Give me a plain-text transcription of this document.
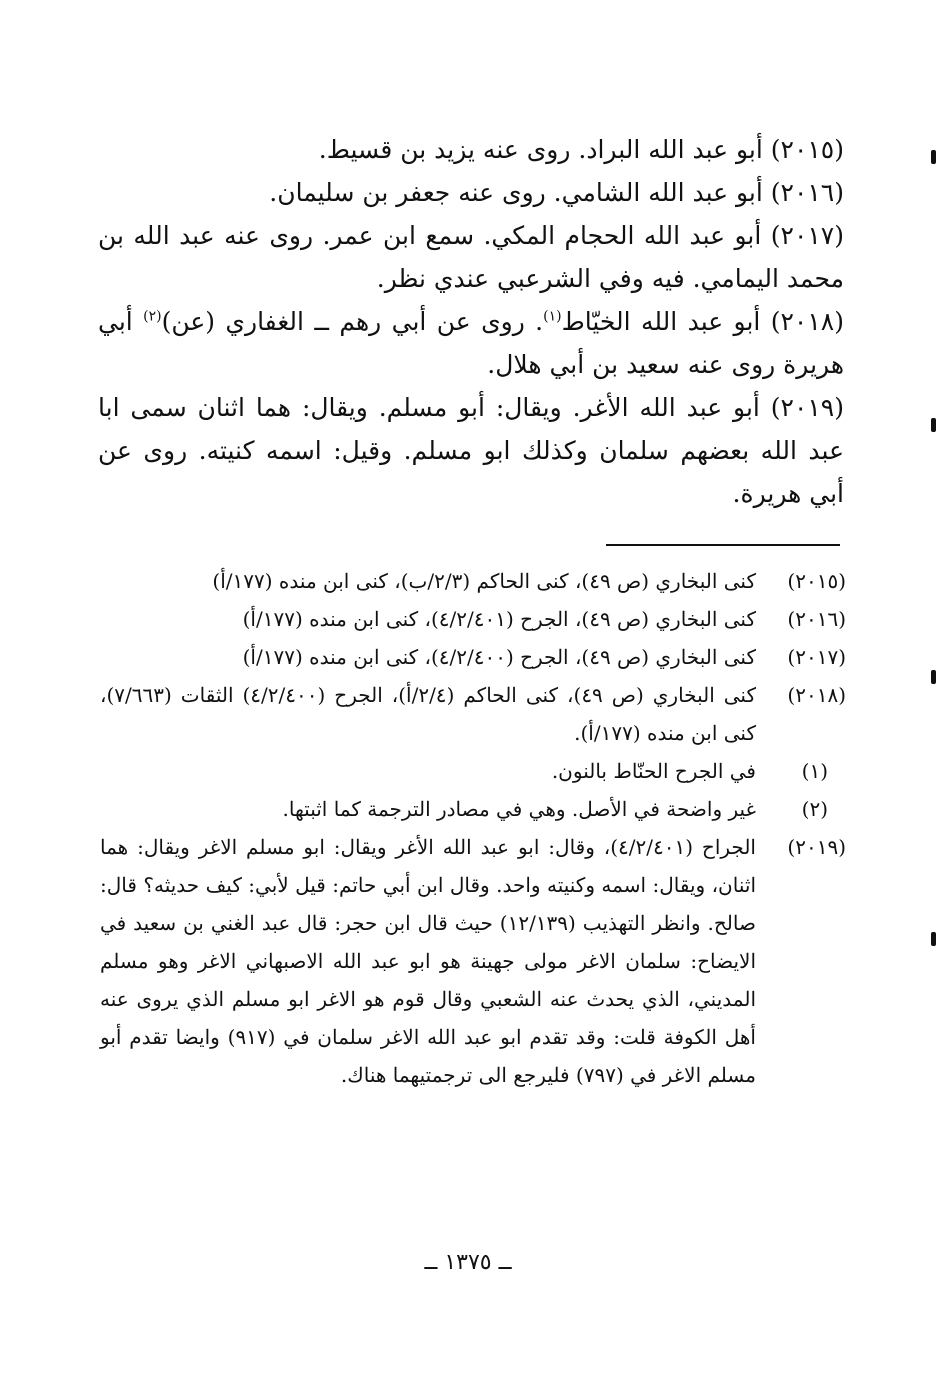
(٢٠١٥) أبو عبد الله البراد. روى عنه يزيد بن قسيط.

(٢٠١٦) أبو عبد الله الشامي. روى عنه جعفر بن سليمان.

(٢٠١٧) أبو عبد الله الحجام المكي. سمع ابن عمر. روى عنه عبد الله بن محمد اليمامي. فيه وفي الشرعبي عندي نظر.

(٢٠١٨) أبو عبد الله الخيّاط$^{(١)}$. روى عن أبي رهم ــ الغفاري (عن)$^{(٢)}$ أبي هريرة روى عنه سعيد بن أبي هلال.

(٢٠١٩) أبو عبد الله الأغر. ويقال: أبو مسلم. ويقال: هما اثنان سمى ابا عبد الله بعضهم سلمان وكذلك ابو مسلم. وقيل: اسمه كنيته. روى عن أبي هريرة.

(٢٠١٥)
كنى البخاري (ص ٤٩)، كنى الحاكم (٢/٣/ب)، كنى ابن منده (١٧٧/أ)
(٢٠١٦)
كنى البخاري (ص ٤٩)، الجرح (٤/٢/٤٠١)، كنى ابن منده (١٧٧/أ)
(٢٠١٧)
كنى البخاري (ص ٤٩)، الجرح (٤/٢/٤٠٠)، كنى ابن منده (١٧٧/أ)
(٢٠١٨)
كنى البخاري (ص ٤٩)، كنى الحاكم (٢/٤/أ)، الجرح (٤/٢/٤٠٠) الثقات (٧/٦٦٣)، كنى ابن منده (١٧٧/أ).
(١)
في الجرح الحنّاط بالنون.
(٢)
غير واضحة في الأصل. وهي في مصادر الترجمة كما اثبتها.
(٢٠١٩)
الجراح (٤/٢/٤٠١)، وقال: ابو عبد الله الأغر ويقال: ابو مسلم الاغر ويقال: هما اثنان، ويقال: اسمه وكنيته واحد. وقال ابن أبي حاتم: قيل لأبي: كيف حديثه؟ قال: صالح. وانظر التهذيب (١٢/١٣٩) حيث قال ابن حجر: قال عبد الغني بن سعيد في الايضاح: سلمان الاغر مولى جهينة هو ابو عبد الله الاصبهاني الاغر وهو مسلم المديني، الذي يحدث عنه الشعبي وقال قوم هو الاغر ابو مسلم الذي يروى عنه أهل الكوفة قلت: وقد تقدم ابو عبد الله الاغر سلمان في (٩١٧) وايضا تقدم أبو مسلم الاغر في (٧٩٧) فليرجع الى ترجمتيهما هناك.
ــ ١٣٧٥ ــ
